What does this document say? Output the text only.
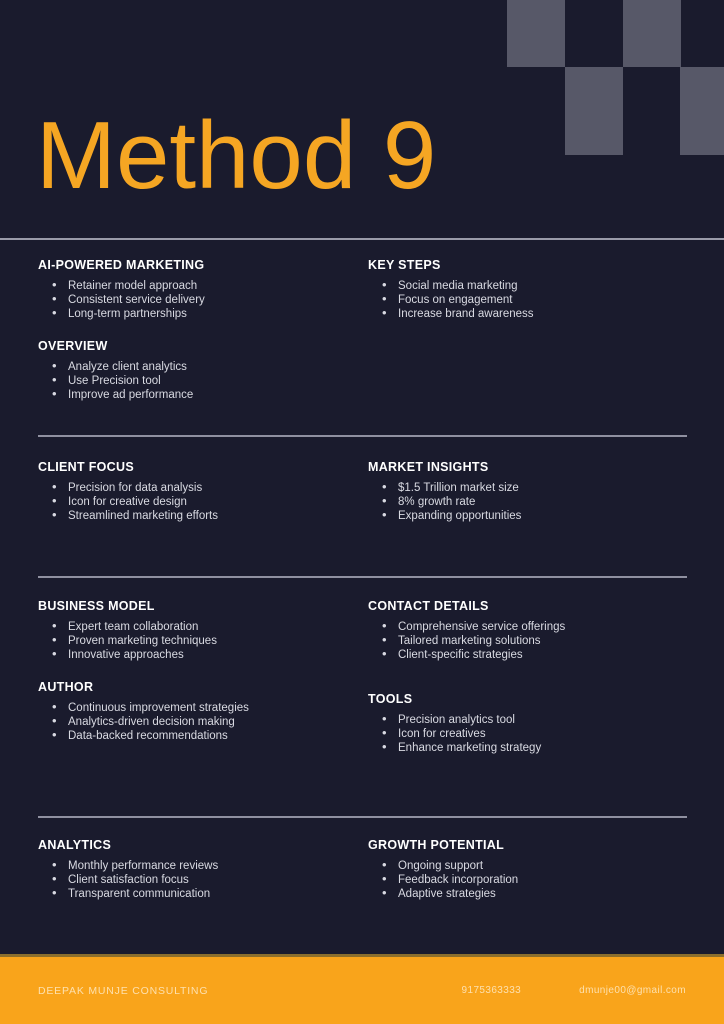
Method 9
AI-POWERED MARKETING
• Retainer model approach
• Consistent service delivery
• Long-term partnerships
OVERVIEW
• Analyze client analytics
• Use Precision tool
• Improve ad performance
KEY STEPS
• Social media marketing
• Focus on engagement
• Increase brand awareness
CLIENT FOCUS
• Precision for data analysis
• Icon for creative design
• Streamlined marketing efforts
MARKET INSIGHTS
• $1.5 Trillion market size
• 8% growth rate
• Expanding opportunities
BUSINESS MODEL
• Expert team collaboration
• Proven marketing techniques
• Innovative approaches
AUTHOR
• Continuous improvement strategies
• Analytics-driven decision making
• Data-backed recommendations
CONTACT DETAILS
• Comprehensive service offerings
• Tailored marketing solutions
• Client-specific strategies
TOOLS
• Precision analytics tool
• Icon for creatives
• Enhance marketing strategy
ANALYTICS
• Monthly performance reviews
• Client satisfaction focus
• Transparent communication
GROWTH POTENTIAL
• Ongoing support
• Feedback incorporation
• Adaptive strategies
DEEPAK MUNJE CONSULTING	9175363333	dmunje00@gmail.com
